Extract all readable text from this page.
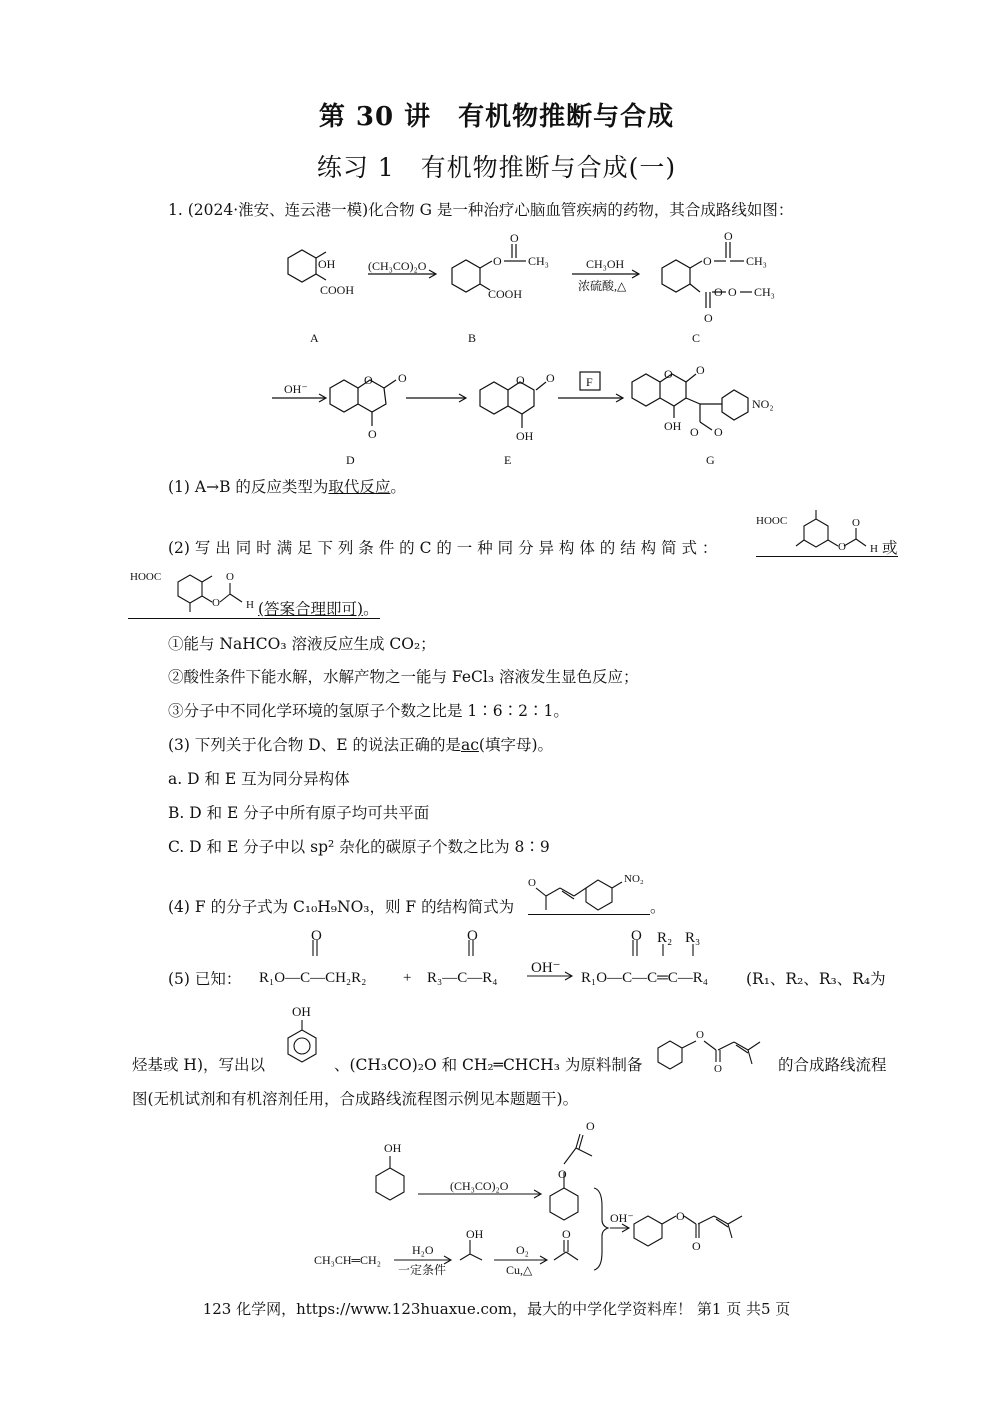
第 30 讲　有机物推断与合成
练习 1　有机物推断与合成(一)
1. (2024·淮安、连云港一模)化合物 G 是一种治疗心脑血管疾病的药物，其合成路线如图：
OH
COOH
(CH₃CO)₂O	O
O
CH₃
COOH
CH₃OH
浓硫酸,△
O
O
CH₃
O O CH₃
O
A	B	C
OH⁻
O O
O
O O
OH
F
O O
OH
NO₂
O O
D	E	G
(1) A→B 的反应类型为取代反应。
HOOC
O
O
H
(2) 写 出 同 时 满 足 下 列 条 件 的 C 的 一 种 同 分 异 构 体 的 结 构 简 式 ：	或
HOOC
O
O
H (答案合理即可)。
①能与 NaHCO₃ 溶液反应生成 CO₂；
②酸性条件下能水解，水解产物之一能与 FeCl₃ 溶液发生显色反应；
③分子中不同化学环境的氢原子个数之比是 1∶6∶2∶1。
(3) 下列关于化合物 D、E 的说法正确的是ac(填字母)。
a. D 和 E 互为同分异构体
B. D 和 E 分子中所有原子均可共平面
C. D 和 E 分子中以 sp² 杂化的碳原子个数之比为 8∶9
(4) F 的分子式为 C₁₀H₉NO₃，则 F 的结构简式为
O	NO₂
。
(5) 已知：
O
R₁O—C—CH₂R₂ +
O
R₃—C—R₄
OH⁻
O R₂ R₃
R₁O—C—C═C—R₄ (R₁、R₂、R₃、R₄为
烃基或 H)，写出以
OH
、(CH₃CO)₂O 和 CH₂═CHCH₃ 为原料制备
O
O	的合成路线流程
图(无机试剂和有机溶剂任用，合成路线流程图示例见本题题干)。
OH
(CH₃CO)₂O
O
O
OH⁻	O
O
CH₃CH═CH₂
H₂O
一定条件
OH
O₂
Cu,△
O
123 化学网，https://www.123huaxue.com，最大的中学化学资料库！ 第1 页 共5 页
